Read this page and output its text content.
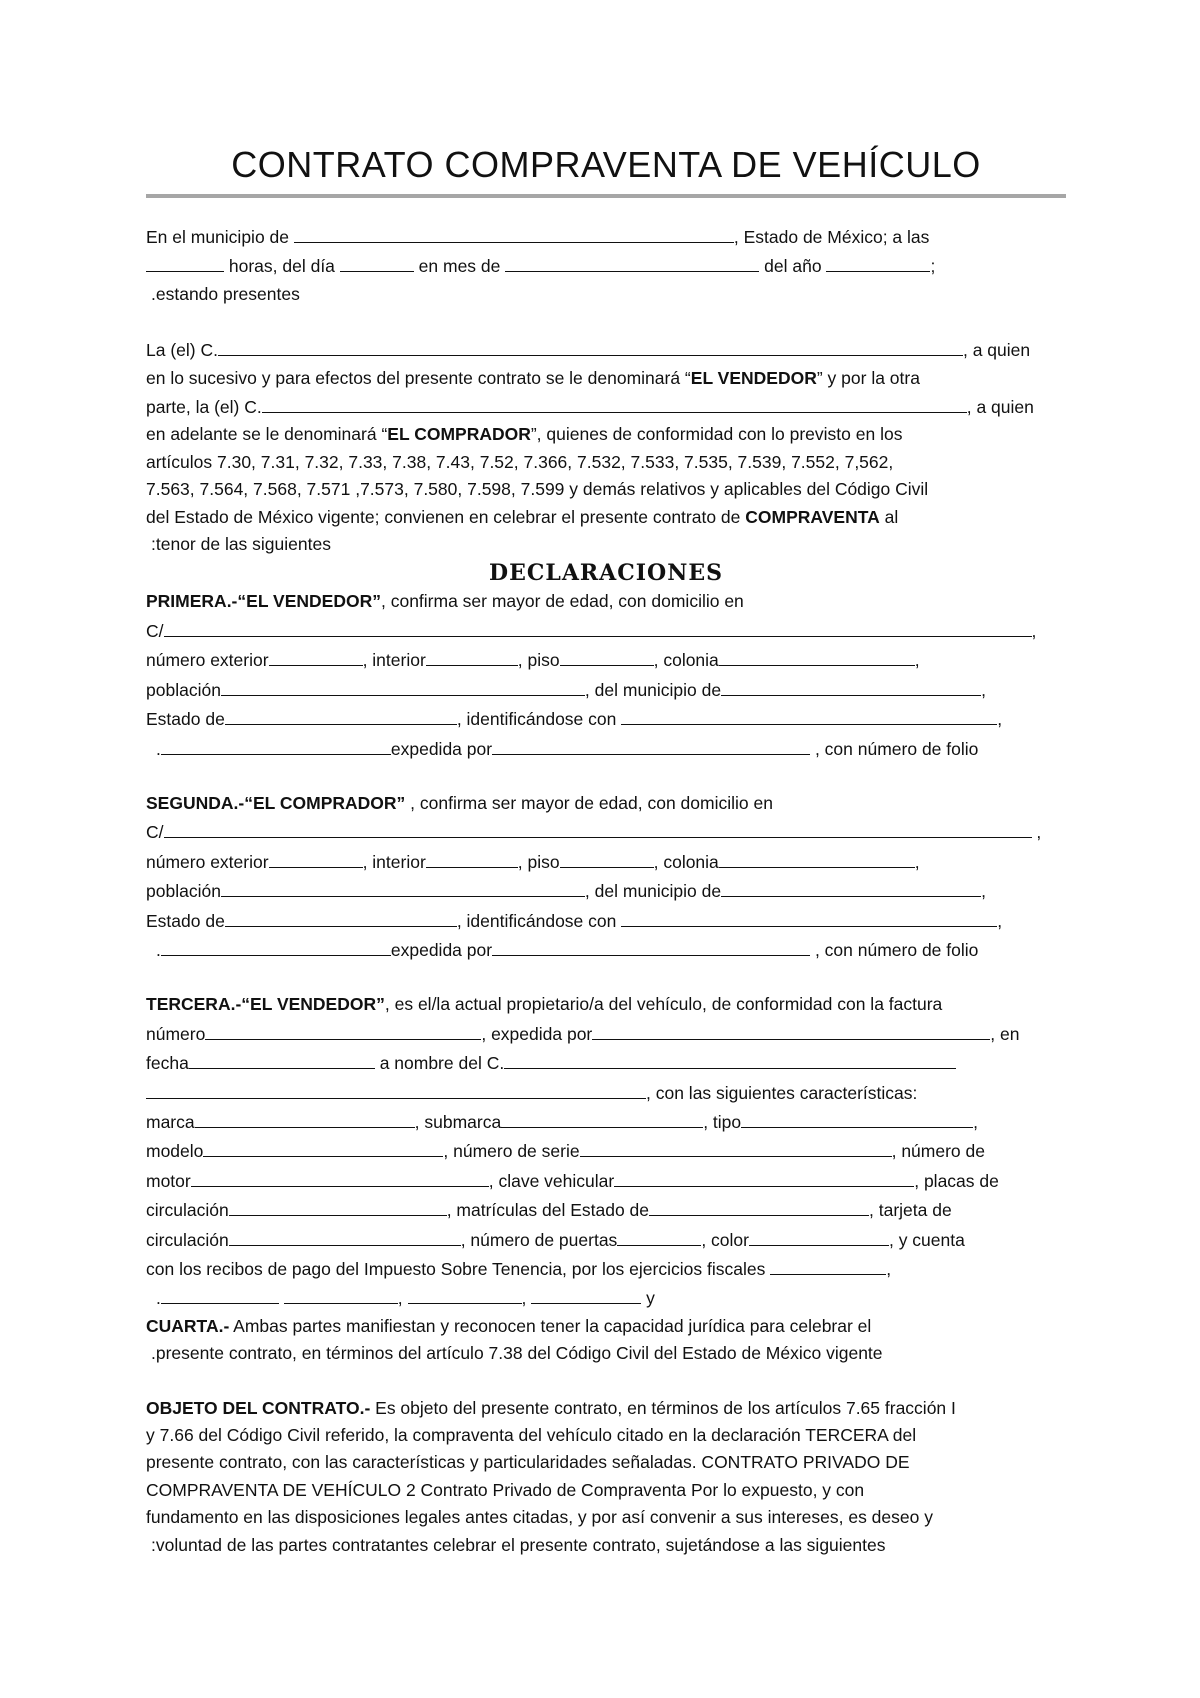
CONTRATO COMPRAVENTA DE VEHÍCULO
En el municipio de	, Estado de México; a las
horas, del día	en mes de	del año	;
.estando presentes
La (el) C.	, a quien
en lo sucesivo y para efectos del presente contrato se le denominará “EL VENDEDOR” y por la otra
parte, la (el) C.	, a quien
en adelante se le denominará “EL COMPRADOR”, quienes de conformidad con lo previsto en los
artículos 7.30, 7.31, 7.32, 7.33, 7.38, 7.43, 7.52, 7.366, 7.532, 7.533, 7.535, 7.539, 7.552, 7,562,
7.563, 7.564, 7.568, 7.571 ,7.573, 7.580, 7.598, 7.599 y demás relativos y aplicables del Código Civil
del Estado de México vigente; convienen en celebrar el presente contrato de COMPRAVENTA al
:tenor de las siguientes
DECLARACIONES
PRIMERA.-“EL VENDEDOR”, confirma ser mayor de edad, con domicilio en
C/	,
número exterior	, interior	, piso	, colonia	,
población	, del municipio de	,
Estado de	, identificándose con	,
.	expedida por	, con número de folio
SEGUNDA.-“EL COMPRADOR” , confirma ser mayor de edad, con domicilio en
C/	,
número exterior	, interior	, piso	, colonia	,
población	, del municipio de	,
Estado de	, identificándose con	,
.	expedida por	, con número de folio
TERCERA.-“EL VENDEDOR”, es el/la actual propietario/a del vehículo, de conformidad con la factura
número	, expedida por	, en
fecha	a nombre del C.
, con las siguientes características:
marca	, submarca	, tipo	,
modelo	, número de serie	, número de
motor	, clave vehicular	, placas de
circulación	, matrículas del Estado de	, tarjeta de
circulación	, número de puertas	, color	, y cuenta
con los recibos de pago del Impuesto Sobre Tenencia, por los ejercicios fiscales	,
.	,	,	y
CUARTA.- Ambas partes manifiestan y reconocen tener la capacidad jurídica para celebrar el
.presente contrato, en términos del artículo 7.38 del Código Civil del Estado de México vigente
OBJETO DEL CONTRATO.- Es objeto del presente contrato, en términos de los artículos 7.65 fracción I
y 7.66 del Código Civil referido, la compraventa del vehículo citado en la declaración TERCERA del
presente contrato, con las características y particularidades señaladas. CONTRATO PRIVADO DE
COMPRAVENTA DE VEHÍCULO 2 Contrato Privado de Compraventa Por lo expuesto, y con
fundamento en las disposiciones legales antes citadas, y por así convenir a sus intereses, es deseo y
:voluntad de las partes contratantes celebrar el presente contrato, sujetándose a las siguientes
